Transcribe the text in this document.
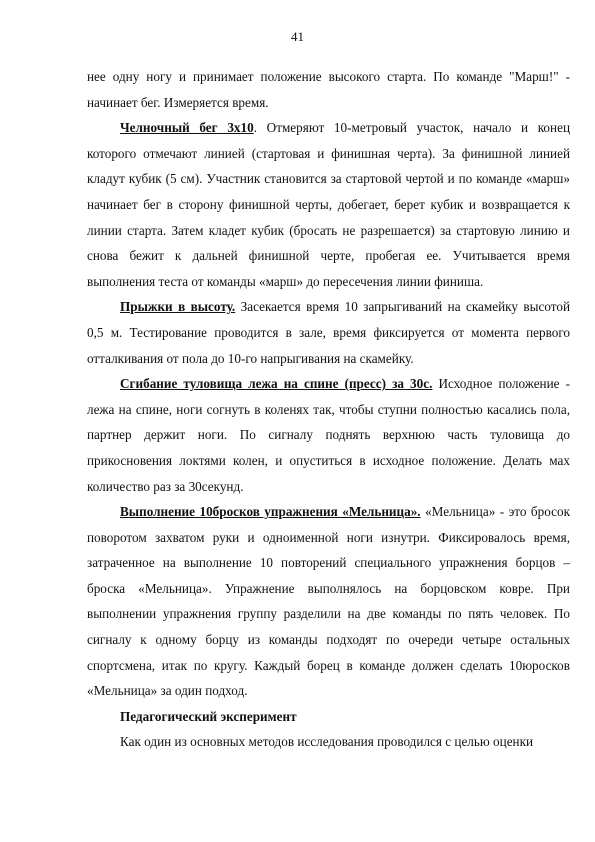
41

нее одну ногу и принимает положение высокого старта. По команде "Марш!" - начинает бег. Измеряется время.

Челночный бег 3х10. Отмеряют 10-метровый участок, начало и конец которого отмечают линией (стартовая и финишная черта). За финишной линией кладут кубик (5 см). Участник становится за стартовой чертой и по команде «марш» начинает бег в сторону финишной черты, добегает, берет кубик и возвращается к линии старта. Затем кладет кубик (бросать не разрешается) за стартовую линию и снова бежит к дальней финишной черте, пробегая ее. Учитывается время выполнения теста от команды «марш» до пересечения линии финиша.

Прыжки в высоту. Засекается время 10 запрыгиваний на скамейку высотой 0,5 м. Тестирование проводится в зале, время фиксируется от момента первого отталкивания от пола до 10-го напрыгивания на скамейку.

Сгибание туловища лежа на спине (пресс) за 30с. Исходное положение - лежа на спине, ноги согнуть в коленях так, чтобы ступни полностью касались пола, партнер держит ноги. По сигналу поднять верхнюю часть туловища до прикосновения локтями колен, и опуститься в исходное положение. Делать мах количество раз за 30секунд.

Выполнение 10бросков упражнения «Мельница». «Мельница» - это бросок поворотом захватом руки и одноименной ноги изнутри. Фиксировалось время, затраченное на выполнение 10 повторений специального упражнения борцов – броска «Мельница». Упражнение выполнялось на борцовском ковре. При выполнении упражнения группу разделили на две команды по пять человек. По сигналу к одному борцу из команды подходят по очереди четыре остальных спортсмена, итак по кругу. Каждый борец в команде должен сделать 10юросков «Мельница» за один подход.

Педагогический эксперимент

Как один из основных методов исследования проводился с целью оценки
